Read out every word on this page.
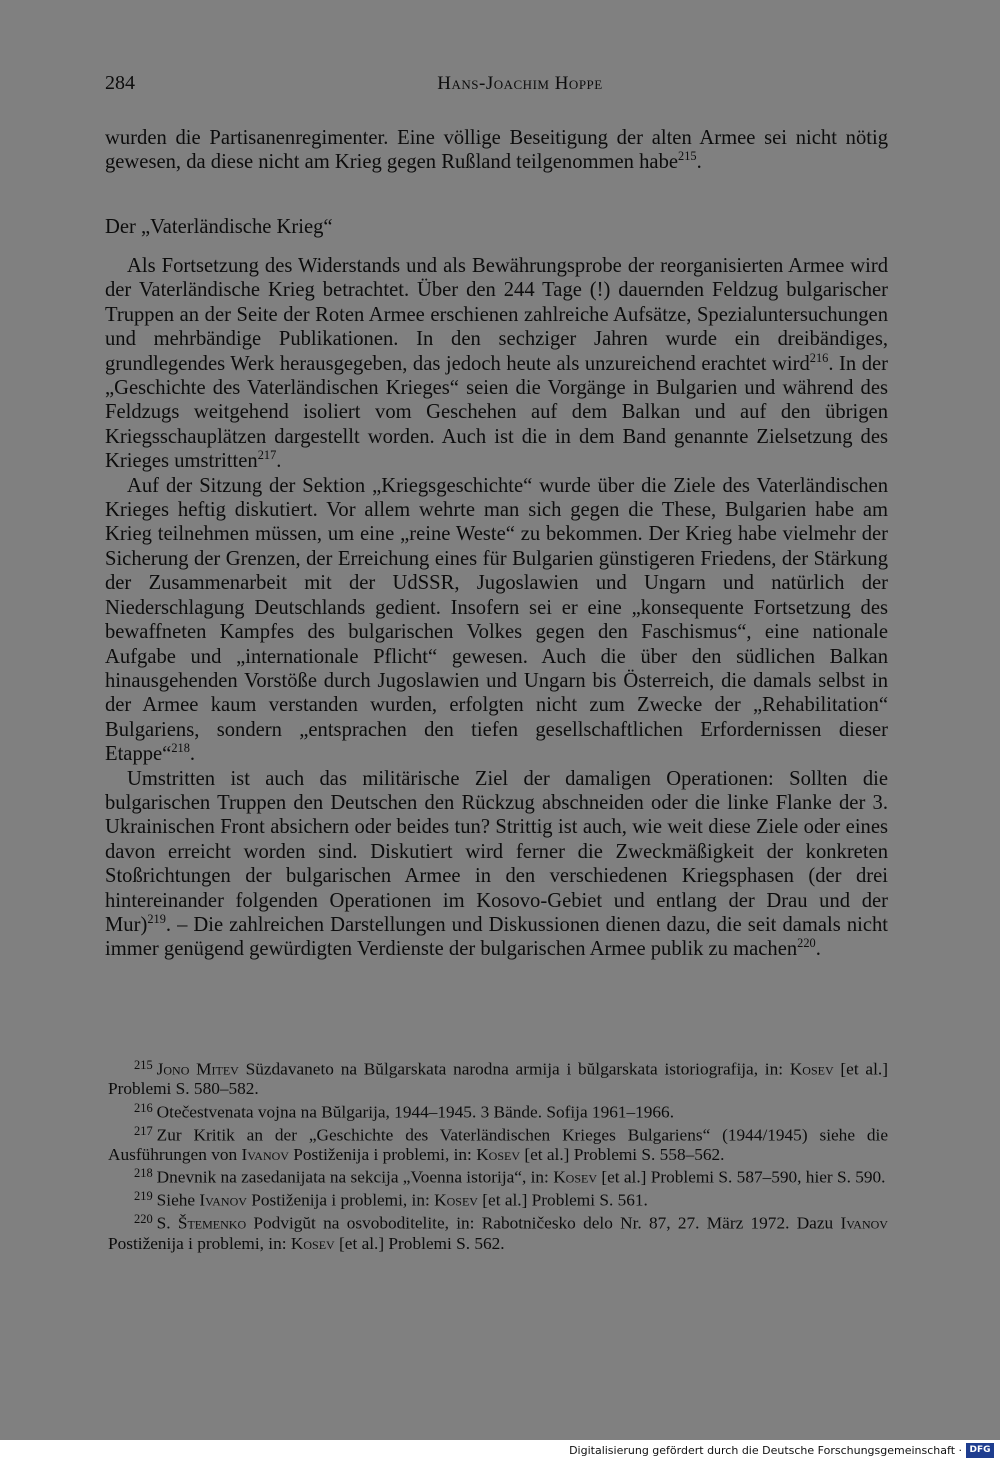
284	Hans-Joachim Hoppe

wurden die Partisanenregimenter. Eine völlige Beseitigung der alten Armee sei nicht nötig gewesen, da diese nicht am Krieg gegen Rußland teilgenommen habe$^{215}$.

Der „Vaterländische Krieg“

Als Fortsetzung des Widerstands und als Bewährungsprobe der reorganisierten Armee wird der Vaterländische Krieg betrachtet. Über den 244 Tage (!) dauernden Feldzug bulgarischer Truppen an der Seite der Roten Armee erschienen zahlreiche Aufsätze, Spezialuntersuchungen und mehrbändige Publikationen. In den sechziger Jahren wurde ein dreibändiges, grundlegendes Werk herausgegeben, das jedoch heute als unzureichend erachtet wird$^{216}$. In der „Geschichte des Vaterländischen Krieges“ seien die Vorgänge in Bulgarien und während des Feldzugs weitgehend isoliert vom Geschehen auf dem Balkan und auf den übrigen Kriegsschauplätzen dargestellt worden. Auch ist die in dem Band genannte Zielsetzung des Krieges umstritten$^{217}$.

Auf der Sitzung der Sektion „Kriegsgeschichte“ wurde über die Ziele des Vaterländischen Krieges heftig diskutiert. Vor allem wehrte man sich gegen die These, Bulgarien habe am Krieg teilnehmen müssen, um eine „reine Weste“ zu bekommen. Der Krieg habe vielmehr der Sicherung der Grenzen, der Erreichung eines für Bulgarien günstigeren Friedens, der Stärkung der Zusammenarbeit mit der UdSSR, Jugoslawien und Ungarn und natürlich der Niederschlagung Deutschlands gedient. Insofern sei er eine „konsequente Fortsetzung des bewaffneten Kampfes des bulgarischen Volkes gegen den Faschismus“, eine nationale Aufgabe und „internationale Pflicht“ gewesen. Auch die über den südlichen Balkan hinausgehenden Vorstöße durch Jugoslawien und Ungarn bis Österreich, die damals selbst in der Armee kaum verstanden wurden, erfolgten nicht zum Zwecke der „Rehabilitation“ Bulgariens, sondern „entsprachen den tiefen gesellschaftlichen Erfordernissen dieser Etappe“$^{218}$.

Umstritten ist auch das militärische Ziel der damaligen Operationen: Sollten die bulgarischen Truppen den Deutschen den Rückzug abschneiden oder die linke Flanke der 3. Ukrainischen Front absichern oder beides tun? Strittig ist auch, wie weit diese Ziele oder eines davon erreicht worden sind. Diskutiert wird ferner die Zweckmäßigkeit der konkreten Stoßrichtungen der bulgarischen Armee in den verschiedenen Kriegsphasen (der drei hintereinander folgenden Operationen im Kosovo-Gebiet und entlang der Drau und der Mur)$^{219}$. – Die zahlreichen Darstellungen und Diskussionen dienen dazu, die seit damals nicht immer genügend gewürdigten Verdienste der bulgarischen Armee publik zu machen$^{220}$.

$^{215}$ Jono Mitev Süzdavaneto na Bŭlgarskata narodna armija i bŭlgarskata istoriografija, in: Kosev [et al.] Problemi S. 580–582.

$^{216}$ Otečestvenata vojna na Bŭlgarija, 1944–1945. 3 Bände. Sofija 1961–1966.

$^{217}$ Zur Kritik an der „Geschichte des Vaterländischen Krieges Bulgariens“ (1944/1945) siehe die Ausführungen von Ivanov Postiženija i problemi, in: Kosev [et al.] Problemi S. 558–562.

$^{218}$ Dnevnik na zasedanijata na sekcija „Voenna istorija“, in: Kosev [et al.] Problemi S. 587–590, hier S. 590.

$^{219}$ Siehe Ivanov Postiženija i problemi, in: Kosev [et al.] Problemi S. 561.

$^{220}$ S. Štemenko Podvigŭt na osvoboditelite, in: Rabotničesko delo Nr. 87, 27. März 1972. Dazu Ivanov Postiženija i problemi, in: Kosev [et al.] Problemi S. 562.

Digitalisierung gefördert durch die Deutsche Forschungsgemeinschaft · DFG
